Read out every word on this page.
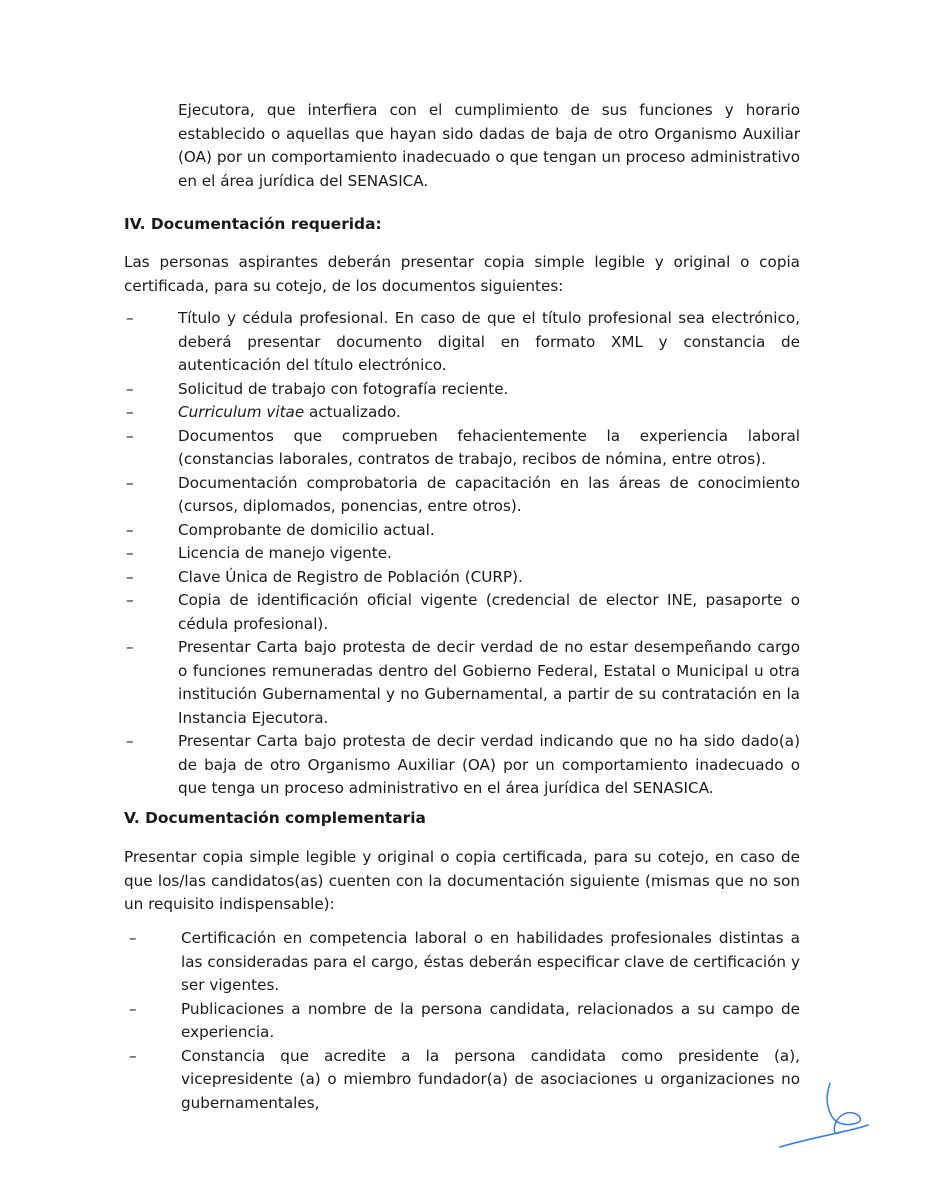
Ejecutora, que interfiera con el cumplimiento de sus funciones y horario establecido o aquellas que hayan sido dadas de baja de otro Organismo Auxiliar (OA) por un comportamiento inadecuado o que tengan un proceso administrativo en el área jurídica del SENASICA.

IV. Documentación requerida:

Las personas aspirantes deberán presentar copia simple legible y original o copia certificada, para su cotejo, de los documentos siguientes:

–	Título y cédula profesional. En caso de que el título profesional sea electrónico, deberá presentar documento digital en formato XML y constancia de autenticación del título electrónico.
–	Solicitud de trabajo con fotografía reciente.
–	Curriculum vitae actualizado.
–	Documentos que comprueben fehacientemente la experiencia laboral (constancias laborales, contratos de trabajo, recibos de nómina, entre otros).
–	Documentación comprobatoria de capacitación en las áreas de conocimiento (cursos, diplomados, ponencias, entre otros).
–	Comprobante de domicilio actual.
–	Licencia de manejo vigente.
–	Clave Única de Registro de Población (CURP).
–	Copia de identificación oficial vigente (credencial de elector INE, pasaporte o cédula profesional).
–	Presentar Carta bajo protesta de decir verdad de no estar desempeñando cargo o funciones remuneradas dentro del Gobierno Federal, Estatal o Municipal u otra institución Gubernamental y no Gubernamental, a partir de su contratación en la Instancia Ejecutora.
–	Presentar Carta bajo protesta de decir verdad indicando que no ha sido dado(a) de baja de otro Organismo Auxiliar (OA) por un comportamiento inadecuado o que tenga un proceso administrativo en el área jurídica del SENASICA.
V. Documentación complementaria

Presentar copia simple legible y original o copia certificada, para su cotejo, en caso de que los/las candidatos(as) cuenten con la documentación siguiente (mismas que no son un requisito indispensable):

–	Certificación en competencia laboral o en habilidades profesionales distintas a las consideradas para el cargo, éstas deberán especificar clave de certificación y ser vigentes.
–	Publicaciones a nombre de la persona candidata, relacionados a su campo de experiencia.
–	Constancia que acredite a la persona candidata como presidente (a), vicepresidente (a) o miembro fundador(a) de asociaciones u organizaciones no gubernamentales,
